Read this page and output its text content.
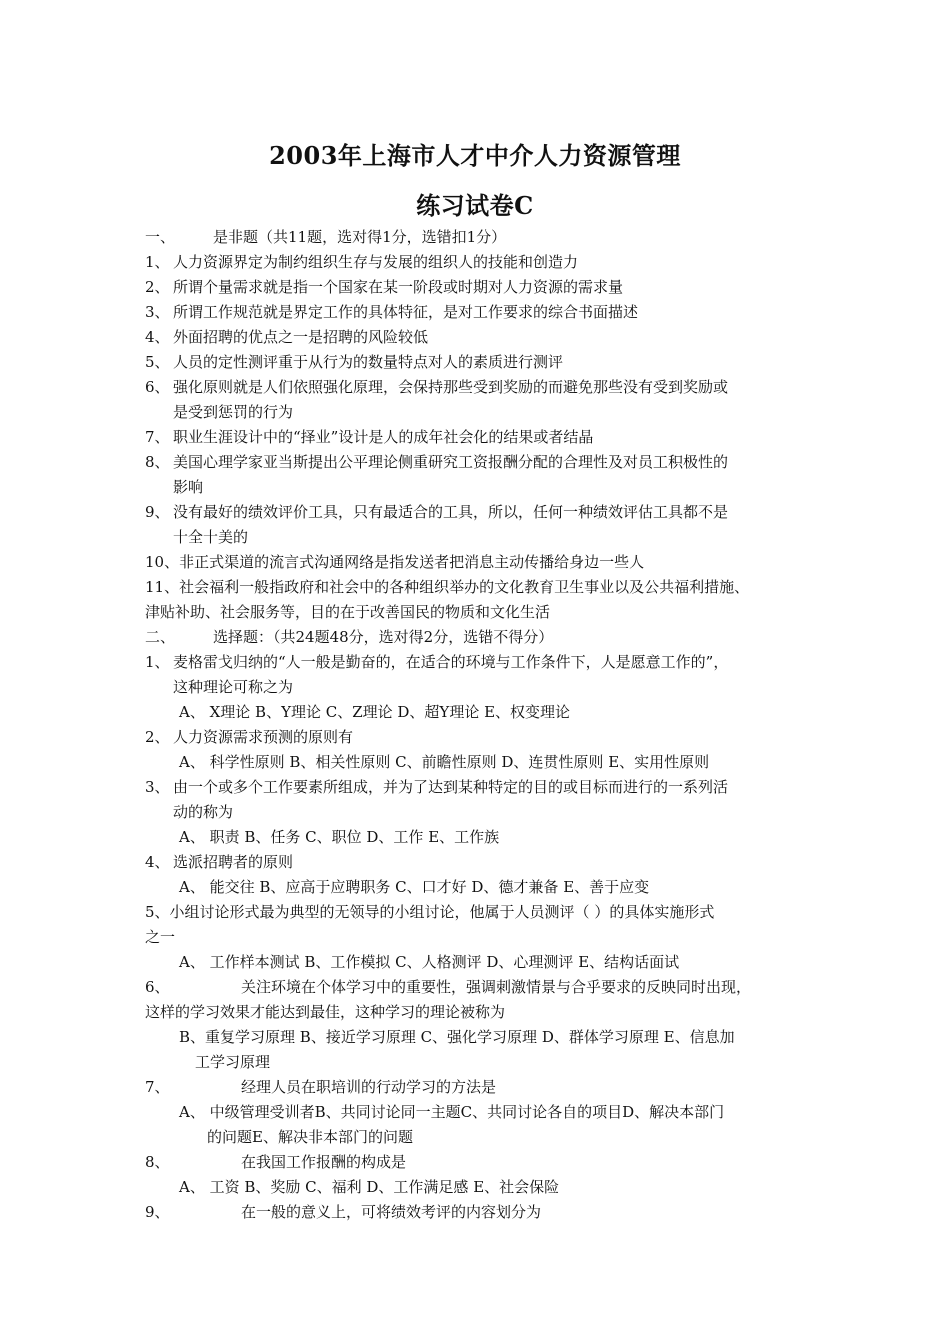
2003年上海市人才中介人力资源管理
练习试卷C
一、	是非题（共11题，选对得1分，选错扣1分）
1、 人力资源界定为制约组织生存与发展的组织人的技能和创造力
2、 所谓个量需求就是指一个国家在某一阶段或时期对人力资源的需求量
3、 所谓工作规范就是界定工作的具体特征，是对工作要求的综合书面描述
4、 外面招聘的优点之一是招聘的风险较低
5、 人员的定性测评重于从行为的数量特点对人的素质进行测评
6、 强化原则就是人们依照强化原理，会保持那些受到奖励的而避免那些没有受到奖励或
是受到惩罚的行为
7、 职业生涯设计中的“择业”设计是人的成年社会化的结果或者结晶
8、 美国心理学家亚当斯提出公平理论侧重研究工资报酬分配的合理性及对员工积极性的
影响
9、 没有最好的绩效评价工具，只有最适合的工具，所以，任何一种绩效评估工具都不是
十全十美的
10、非正式渠道的流言式沟通网络是指发送者把消息主动传播给身边一些人
11、社会福利一般指政府和社会中的各种组织举办的文化教育卫生事业以及公共福利措施、
津贴补助、社会服务等，目的在于改善国民的物质和文化生活
二、	选择题：（共24题48分，选对得2分，选错不得分）
1、 麦格雷戈归纳的“人一般是勤奋的，在适合的环境与工作条件下，人是愿意工作的”，
这种理论可称之为
A、 X理论 B、Y理论 C、Z理论 D、超Y理论 E、权变理论
2、 人力资源需求预测的原则有
A、 科学性原则 B、相关性原则 C、前瞻性原则 D、连贯性原则 E、实用性原则
3、 由一个或多个工作要素所组成，并为了达到某种特定的目的或目标而进行的一系列活
动的称为
A、 职责 B、任务 C、职位 D、工作 E、工作族
4、 选派招聘者的原则
A、 能交往 B、应高于应聘职务 C、口才好 D、德才兼备 E、善于应变
5、小组讨论形式最为典型的无领导的小组讨论，他属于人员测评（ ）的具体实施形式
之一
A、 工作样本测试 B、工作模拟 C、人格测评 D、心理测评 E、结构话面试
6、	关注环境在个体学习中的重要性，强调刺激情景与合乎要求的反映同时出现，
这样的学习效果才能达到最佳，这种学习的理论被称为
B、重复学习原理 B、接近学习原理 C、强化学习原理 D、群体学习原理 E、信息加
工学习原理
7、	经理人员在职培训的行动学习的方法是
A、 中级管理受训者B、共同讨论同一主题C、共同讨论各自的项目D、解决本部门
的问题E、解决非本部门的问题
8、	在我国工作报酬的构成是
A、 工资 B、奖励 C、福利 D、工作满足感 E、社会保险
9、	在一般的意义上，可将绩效考评的内容划分为
